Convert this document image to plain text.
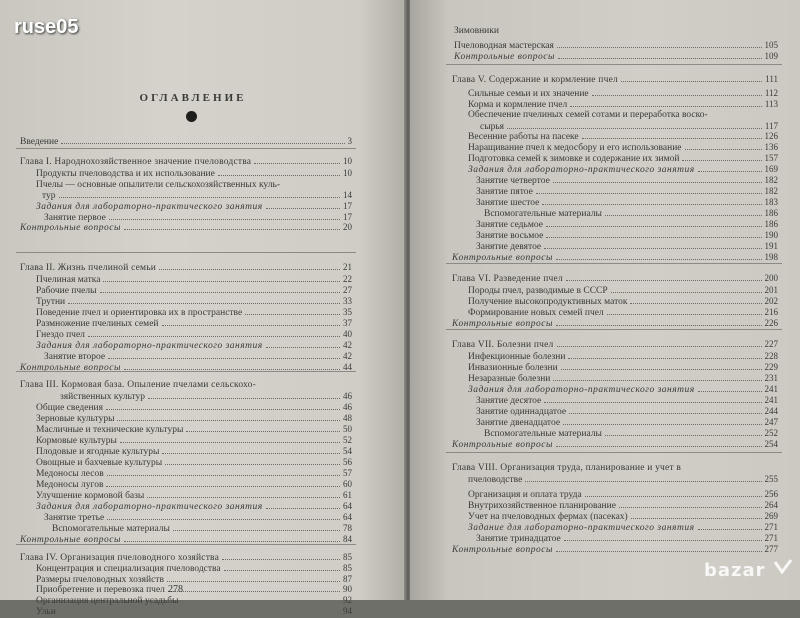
ОГЛАВЛЕНИЕ
Введение	3
Глава I. Народнохозяйственное значение пчеловодства	10
Продукты пчеловодства и их использование	10
Пчелы — основные опылители сельскохозяйственных куль-
тур	14
Задания для лабораторно-практического занятия	17
Занятие первое	17
Контрольные вопросы	20
Глава II. Жизнь пчелиной семьи	21
Пчелиная матка	22
Рабочие пчелы	27
Трутни	33
Поведение пчел и ориентировка их в пространстве	35
Размножение пчелиных семей	37
Гнездо пчел	40
Задания для лабораторно-практического занятия	42
Занятие второе	42
Контрольные вопросы	44
Глава III. Кормовая база. Опыление пчелами сельскохо-
зяйственных культур	46
Общие сведения	46
Зерновые культуры	48
Масличные и технические культуры	50
Кормовые культуры	52
Плодовые и ягодные культуры	54
Овощные и бахчевые культуры	56
Медоносы лесов	57
Медоносы лугов	60
Улучшение кормовой базы	61
Задания для лабораторно-практического занятия	64
Занятие третье	64
Вспомогательные материалы	78
Контрольные вопросы	84
Глава IV. Организация пчеловодного хозяйства	85
Концентрация и специализация пчеловодства	85
Размеры пчеловодных хозяйств	87
Приобретение и перевозка пчел	90
Организация центральной усадьбы	92
Ульи	94
278
Зимовники
Пчеловодная мастерская	105
Контрольные вопросы	109
Глава V. Содержание и кормление пчел	111
Сильные семьи и их значение	112
Корма и кормление пчел	113
Обеспечение пчелиных семей сотами и переработка воско-
сырья	117
Весенние работы на пасеке	126
Наращивание пчел к медосбору и его использование	136
Подготовка семей к зимовке и содержание их зимой	157
Задания для лабораторно-практического занятия	169
Занятие четвертое	182
Занятие пятое	182
Занятие шестое	183
Вспомогательные материалы	186
Занятие седьмое	186
Занятие восьмое	190
Занятие девятое	191
Контрольные вопросы	198
Глава VI. Разведение пчел	200
Породы пчел, разводимые в СССР	201
Получение высокопродуктивных маток	202
Формирование новых семей пчел	216
Контрольные вопросы	226
Глава VII. Болезни пчел	227
Инфекционные болезни	228
Инвазионные болезни	229
Незаразные болезни	231
Задания для лабораторно-практического занятия	241
Занятие десятое	241
Занятие одиннадцатое	244
Занятие двенадцатое	247
Вспомогательные материалы	252
Контрольные вопросы	254
Глава VIII. Организация труда, планирование и учет в
пчеловодстве	255
Организация и оплата труда	256
Внутрихозяйственное планирование	264
Учет на пчеловодных фермах (пасеках)	269
Задание для лабораторно-практического занятия	271
Занятие тринадцатое	271
Контрольные вопросы	277
ruse05
bazar
